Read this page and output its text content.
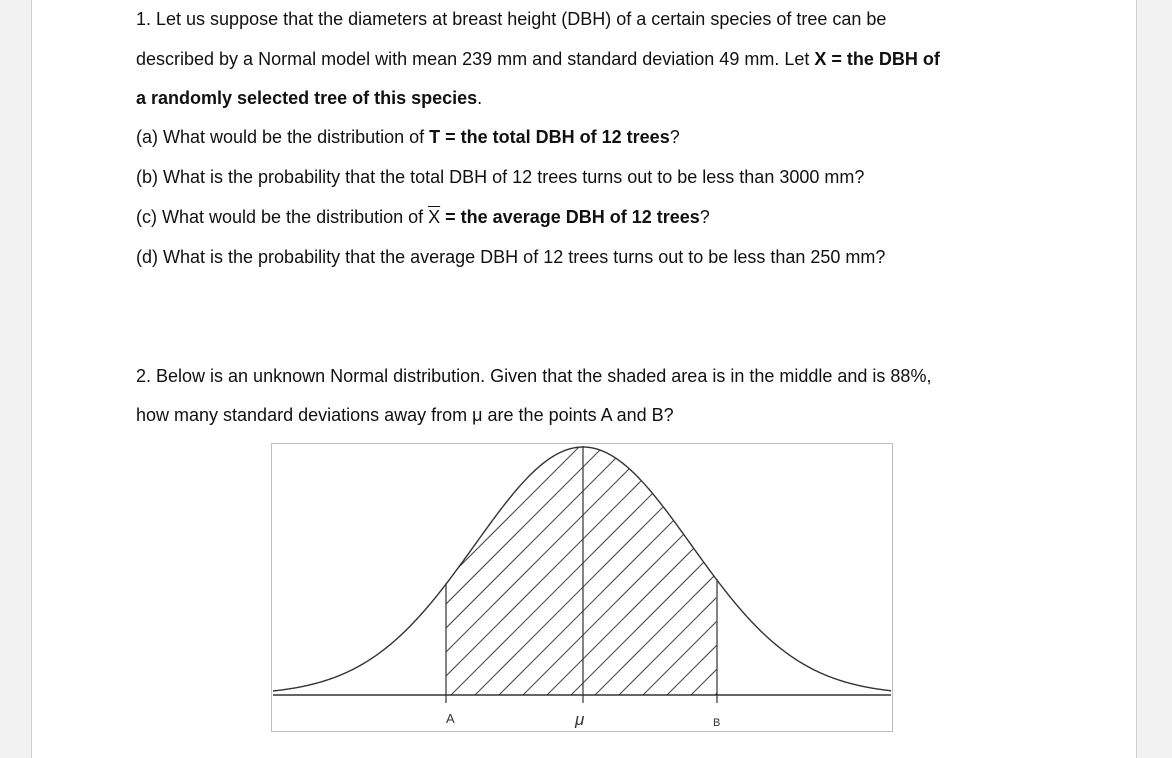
1. Let us suppose that the diameters at breast height (DBH) of a certain species of tree can be
described by a Normal model with mean 239 mm and standard deviation 49 mm. Let X = the DBH of
a randomly selected tree of this species.
(a) What would be the distribution of T = the total DBH of 12 trees?
(b) What is the probability that the total DBH of 12 trees turns out to be less than 3000 mm?
(c) What would be the distribution of $\overline{X}$ = the average DBH of 12 trees?
(d) What is the probability that the average DBH of 12 trees turns out to be less than 250 mm?
2. Below is an unknown Normal distribution. Given that the shaded area is in the middle and is 88%,
how many standard deviations away from μ are the points A and B?
A	μ	B
